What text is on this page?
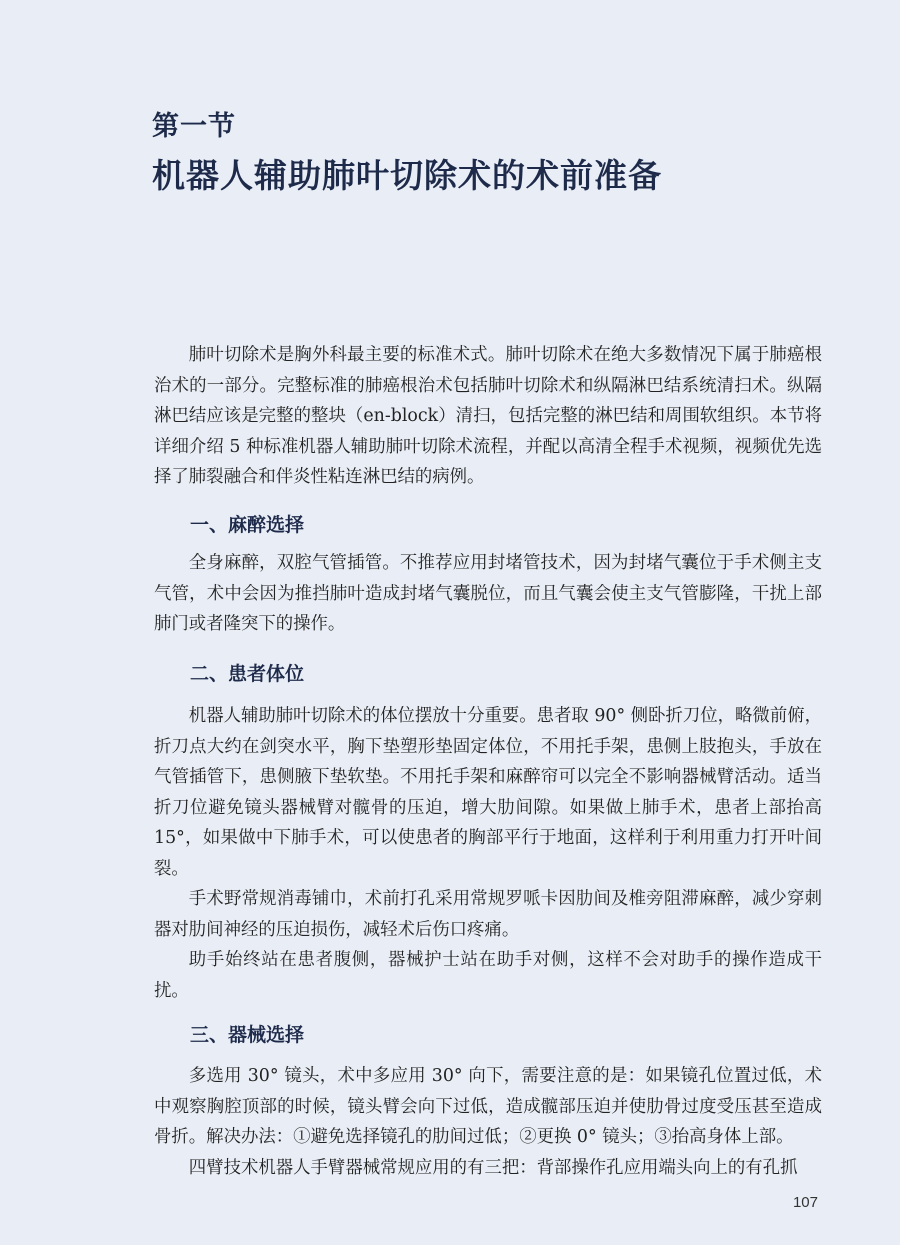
第一节
机器人辅助肺叶切除术的术前准备

肺叶切除术是胸外科最主要的标准术式。肺叶切除术在绝大多数情况下属于肺癌根治术的一部分。完整标准的肺癌根治术包括肺叶切除术和纵隔淋巴结系统清扫术。纵隔淋巴结应该是完整的整块（en-block）清扫，包括完整的淋巴结和周围软组织。本节将详细介绍 5 种标准机器人辅助肺叶切除术流程，并配以高清全程手术视频，视频优先选择了肺裂融合和伴炎性粘连淋巴结的病例。

一、麻醉选择

全身麻醉，双腔气管插管。不推荐应用封堵管技术，因为封堵气囊位于手术侧主支气管，术中会因为推挡肺叶造成封堵气囊脱位，而且气囊会使主支气管膨隆，干扰上部肺门或者隆突下的操作。

二、患者体位

机器人辅助肺叶切除术的体位摆放十分重要。患者取 90° 侧卧折刀位，略微前俯，折刀点大约在剑突水平，胸下垫塑形垫固定体位，不用托手架，患侧上肢抱头，手放在气管插管下，患侧腋下垫软垫。不用托手架和麻醉帘可以完全不影响器械臂活动。适当折刀位避免镜头器械臂对髋骨的压迫，增大肋间隙。如果做上肺手术，患者上部抬高 15°，如果做中下肺手术，可以使患者的胸部平行于地面，这样利于利用重力打开叶间裂。

手术野常规消毒铺巾，术前打孔采用常规罗哌卡因肋间及椎旁阻滞麻醉，减少穿刺器对肋间神经的压迫损伤，减轻术后伤口疼痛。

助手始终站在患者腹侧，器械护士站在助手对侧，这样不会对助手的操作造成干扰。

三、器械选择

多选用 30° 镜头，术中多应用 30° 向下，需要注意的是：如果镜孔位置过低，术中观察胸腔顶部的时候，镜头臂会向下过低，造成髋部压迫并使肋骨过度受压甚至造成骨折。解决办法：①避免选择镜孔的肋间过低；②更换 0° 镜头；③抬高身体上部。

四臂技术机器人手臂器械常规应用的有三把：背部操作孔应用端头向上的有孔抓

107
